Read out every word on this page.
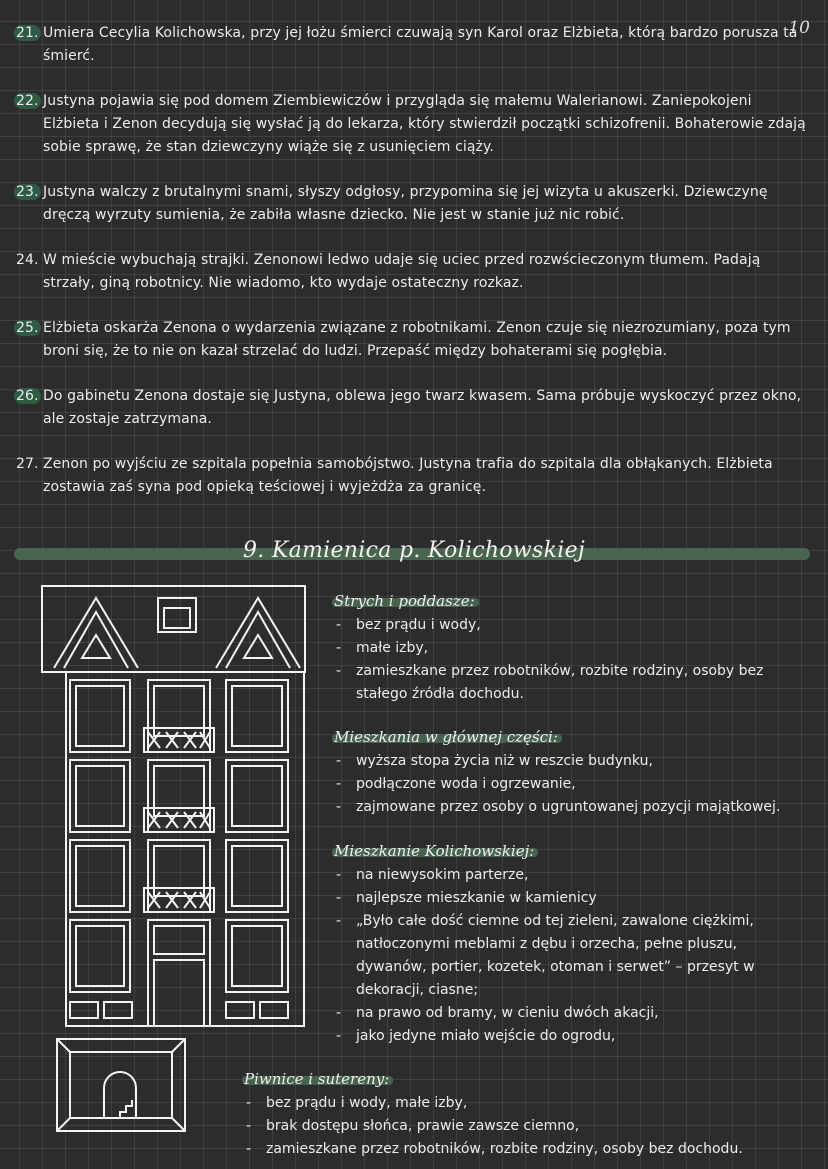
10
21. Umiera Cecylia Kolichowska, przy jej łożu śmierci czuwają syn Karol oraz Elżbieta, którą bardzo porusza ta śmierć.
22. Justyna pojawia się pod domem Ziembiewiczów i przygląda się małemu Walerianowi. Zaniepokojeni Elżbieta i Zenon decydują się wysłać ją do lekarza, który stwierdził początki schizofrenii. Bohaterowie zdają sobie sprawę, że stan dziewczyny wiąże się z usunięciem ciąży.
23. Justyna walczy z brutalnymi snami, słyszy odgłosy, przypomina się jej wizyta u akuszerki. Dziewczynę dręczą wyrzuty sumienia, że zabiła własne dziecko. Nie jest w stanie już nic robić.
24. W mieście wybuchają strajki. Zenonowi ledwo udaje się uciec przed rozwścieczonym tłumem. Padają strzały, giną robotnicy. Nie wiadomo, kto wydaje ostateczny rozkaz.
25. Elżbieta oskarża Zenona o wydarzenia związane z robotnikami. Zenon czuje się niezrozumiany, poza tym broni się, że to nie on kazał strzelać do ludzi. Przepaść między bohaterami się pogłębia.
26. Do gabinetu Zenona dostaje się Justyna, oblewa jego twarz kwasem. Sama próbuje wyskoczyć przez okno, ale zostaje zatrzymana.
27. Zenon po wyjściu ze szpitala popełnia samobójstwo. Justyna trafia do szpitala dla obłąkanych. Elżbieta zostawia zaś syna pod opieką teściowej i wyjeżdża za granicę.
9. Kamienica p. Kolichowskiej
Strych i poddasze:
- bez prądu i wody,
- małe izby,
- zamieszkane przez robotników, rozbite rodziny, osoby bez stałego źródła dochodu.
Mieszkania w głównej części:
- wyższa stopa życia niż w reszcie budynku,
- podłączone woda i ogrzewanie,
- zajmowane przez osoby o ugruntowanej pozycji majątkowej.
Mieszkanie Kolichowskiej:
- na niewysokim parterze,
- najlepsze mieszkanie w kamienicy
- „Było całe dość ciemne od tej zieleni, zawalone ciężkimi, natłoczonymi meblami z dębu i orzecha, pełne pluszu, dywanów, portier, kozetek, otoman i serwet” – przesyt w dekoracji, ciasne;
- na prawo od bramy, w cieniu dwóch akacji,
- jako jedyne miało wejście do ogrodu,
Piwnice i sutereny:
- bez prądu i wody, małe izby,
- brak dostępu słońca, prawie zawsze ciemno,
- zamieszkane przez robotników, rozbite rodziny, osoby bez dochodu.
